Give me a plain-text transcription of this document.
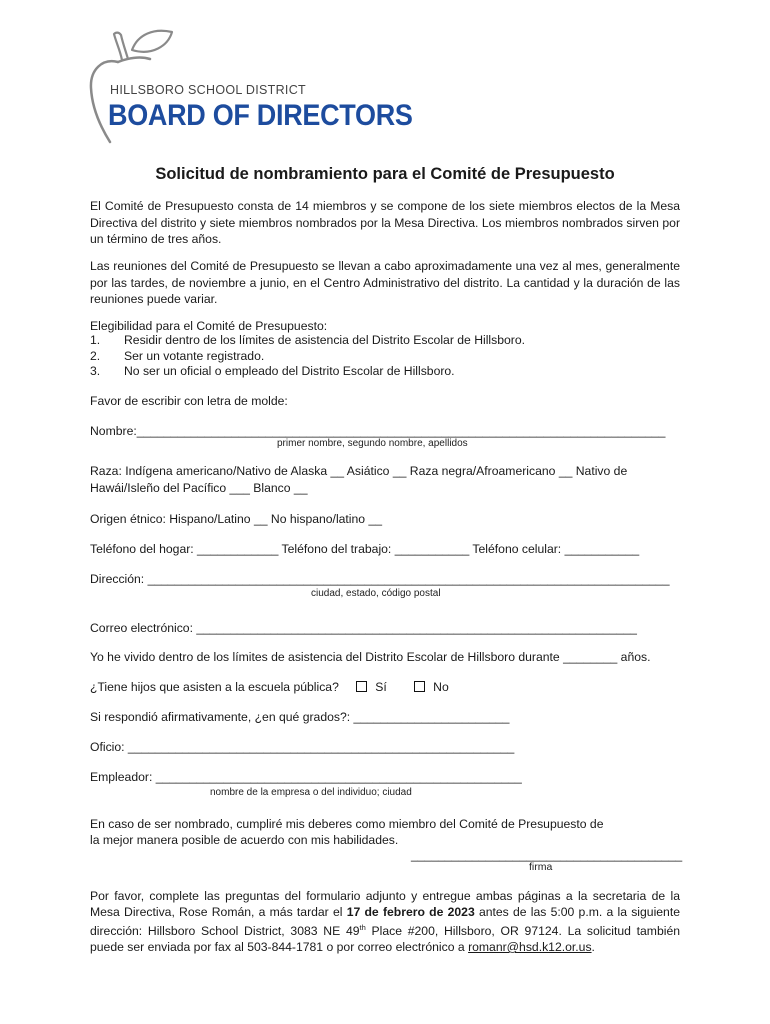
HILLSBORO SCHOOL DISTRICT
BOARD OF DIRECTORS
Solicitud de nombramiento para el Comité de Presupuesto
El Comité de Presupuesto consta de 14 miembros y se compone de los siete miembros electos de la Mesa Directiva del distrito y siete miembros nombrados por la Mesa Directiva. Los miembros nombrados sirven por un término de tres años.
Las reuniones del Comité de Presupuesto se llevan a cabo aproximadamente una vez al mes, generalmente por las tardes, de noviembre a junio, en el Centro Administrativo del distrito. La cantidad y la duración de las reuniones puede variar.
Elegibilidad para el Comité de Presupuesto:
1. Residir dentro de los límites de asistencia del Distrito Escolar de Hillsboro.
2. Ser un votante registrado.
3. No ser un oficial o empleado del Distrito Escolar de Hillsboro.
Favor de escribir con letra de molde:
Nombre:______________________________________________________________________________
primer nombre, segundo nombre, apellidos
Raza: Indígena americano/Nativo de Alaska __ Asiático __ Raza negra/Afroamericano __ Nativo de
Hawái/Isleño del Pacífico ___ Blanco __
Origen étnico: Hispano/Latino __ No hispano/latino __
Teléfono del hogar: ____________ Teléfono del trabajo: ___________ Teléfono celular: ___________
Dirección: _____________________________________________________________________________
ciudad, estado, código postal
Correo electrónico: _________________________________________________________________
Yo he vivido dentro de los límites de asistencia del Distrito Escolar de Hillsboro durante ________ años.
¿Tiene hijos que asisten a la escuela pública?	Sí	No
Si respondió afirmativamente, ¿en qué grados?: _______________________
Oficio: _________________________________________________________
Empleador: ______________________________________________________
nombre de la empresa o del individuo; ciudad
En caso de ser nombrado, cumpliré mis deberes como miembro del Comité de Presupuesto de
la mejor manera posible de acuerdo con mis habilidades.
________________________________________
firma
Por favor, complete las preguntas del formulario adjunto y entregue ambas páginas a la secretaria de la Mesa Directiva, Rose Román, a más tardar el 17 de febrero de 2023 antes de las 5:00 p.m. a la siguiente dirección: Hillsboro School District, 3083 NE 49th Place #200, Hillsboro, OR 97124. La solicitud también puede ser enviada por fax al 503-844-1781 o por correo electrónico a romanr@hsd.k12.or.us.
